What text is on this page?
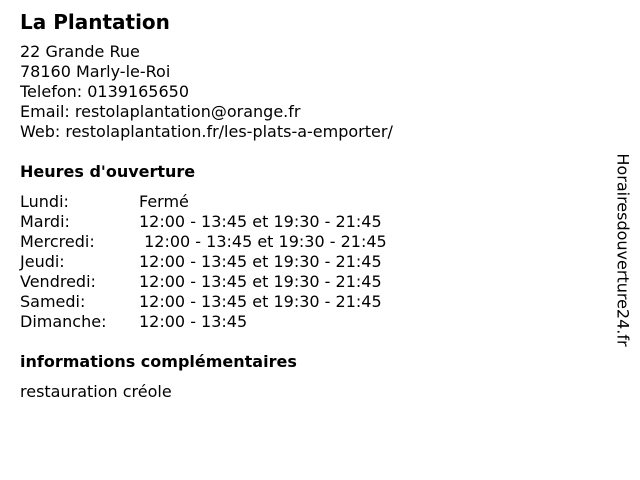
La Plantation
22 Grande Rue
78160 Marly-le-Roi
Telefon: 0139165650
Email: restolaplantation@orange.fr
Web: restolaplantation.fr/les-plats-a-emporter/
Heures d'ouverture
Lundi:	Fermé
Mardi:	12:00 - 13:45 et 19:30 - 21:45
Mercredi:	12:00 - 13:45 et 19:30 - 21:45
Jeudi:	12:00 - 13:45 et 19:30 - 21:45
Vendredi:	12:00 - 13:45 et 19:30 - 21:45
Samedi:	12:00 - 13:45 et 19:30 - 21:45
Dimanche:	12:00 - 13:45
informations complémentaires
restauration créole
Horairesdouverture24.fr
